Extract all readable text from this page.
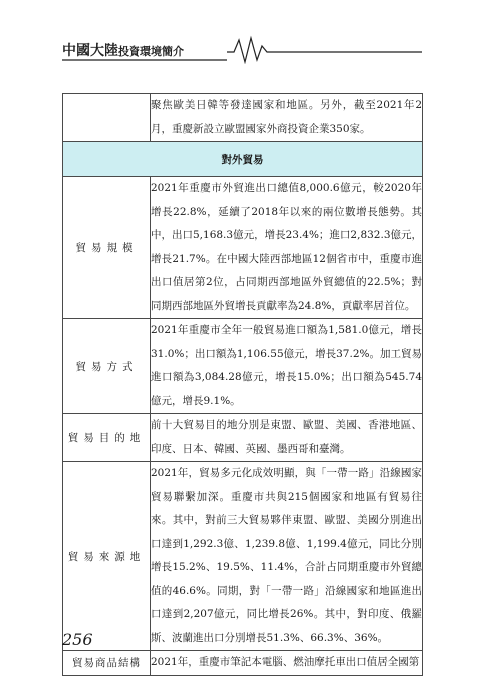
中國大陸投資環境簡介
	聚焦歐美日韓等發達國家和地區。另外，截至2021年2月，重慶新設立歐盟國家外商投資企業350家。
對外貿易	
貿易規模	2021年重慶市外貿進出口總值8,000.6億元，較2020年增長22.8%，延續了2018年以來的兩位數增長態勢。其中，出口5,168.3億元，增長23.4%；進口2,832.3億元，增長21.7%。在中國大陸西部地區12個省市中，重慶市進出口值居第2位，占同期西部地區外貿總值的22.5%；對同期西部地區外貿增長貢獻率為24.8%，貢獻率居首位。
貿易方式	2021年重慶市全年一般貿易進口額為1,581.0億元，增長31.0%；出口額為1,106.55億元，增長37.2%。加工貿易進口額為3,084.28億元，增長15.0%；出口額為545.74億元，增長9.1%。
貿易目的地	前十大貿易目的地分別是東盟、歐盟、美國、香港地區、印度、日本、韓國、英國、墨西哥和臺灣。
貿易來源地	2021年，貿易多元化成效明顯，與「一帶一路」沿線國家貿易聯繫加深。重慶市共與215個國家和地區有貿易往來。其中，對前三大貿易夥伴東盟、歐盟、美國分別進出口達到1,292.3億、1,239.8億、1,199.4億元，同比分別增長15.2%、19.5%、11.4%，合計占同期重慶市外貿總值的46.6%。同期，對「一帶一路」沿線國家和地區進出口達到2,207億元，同比增長26%。其中，對印度、俄羅斯、波蘭進出口分別增長51.3%、66.3%、36%。
貿易商品結構	2021年，重慶市筆記本電腦、燃油摩托車出口值居全國第
256
